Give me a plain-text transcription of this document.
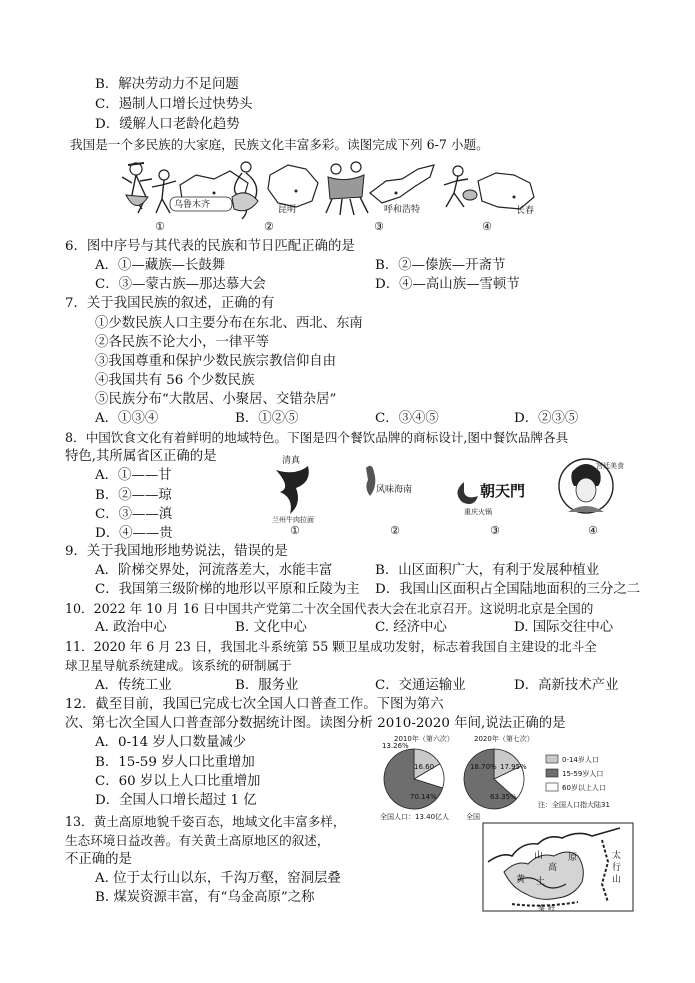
B．解决劳动力不足问题
C．遏制人口增长过快势头
D．缓解人口老龄化趋势
我国是一个多民族的大家庭，民族文化丰富多彩。读图完成下列 6-7 小题。
乌鲁木齐	昆明	呼和浩特	长春
①	②	③	④
6．图中序号与其代表的民族和节日匹配正确的是
A．①—藏族—长鼓舞	B．②—傣族—开斋节
C．③—蒙古族—那达慕大会	D．④—高山族—雪顿节
7．关于我国民族的叙述，正确的有
①少数民族人口主要分布在东北、西北、东南
②各民族不论大小，一律平等
③我国尊重和保护少数民族宗教信仰自由
④我国共有 56 个少数民族
⑤民族分布“大散居、小聚居、交错杂居”
A．①③④	B．①②⑤	C．③④⑤	D．②③⑤
8．中国饮食文化有着鲜明的地域特色。下图是四个餐饮品牌的商标设计,图中餐饮品牌各具
特色,其所属省区正确的是
A．①——甘
B．②——琼
C．③——滇
D．④——贵
清真
兰州牛肉拉面
风味海南	朝天門
重庆火锅
宫廷美食
①	②	③	④
9．关于我国地形地势说法，错误的是
A．阶梯交界处，河流落差大，水能丰富	B．山区面积广大，有利于发展种植业
C．我国第三级阶梯的地形以平原和丘陵为主 D．我国山区面积占全国陆地面积的三分之二
10．2022 年 10 月 16 日中国共产党第二十次全国代表大会在北京召开。这说明北京是全国的
A. 政治中心	B. 文化中心	C. 经济中心	D. 国际交往中心
11．2020 年 6 月 23 日，我国北斗系统第 55 颗卫星成功发射，标志着我国自主建设的北斗全
球卫星导航系统建成。该系统的研制属于
A．传统工业	B．服务业	C．交通运输业	D．高新技术产业
12．截至目前，我国已完成七次全国人口普查工作。下图为第六
次、第七次全国人口普查部分数据统计图。读图分析 2010-2020 年间,说法正确的是
A．0-14 岁人口数量减少
B．15-59 岁人口比重增加
C．60 岁以上人口比重增加
D．全国人口增长超过 1 亿
2010年（第六次）	2020年（第七次）
16.60
70.14%
13.26%
17.95%
63.35%
18.70%
0-14岁人口
15-59岁人口
60岁以上人口
注：全国人口指大陆31
全国人口：13.40亿人 全国
13．黄土高原地貌千姿百态，地域文化丰富多样，
生态环境日益改善。有关黄土高原地区的叙述，
不正确的是
A. 位于太行山以东，千沟万壑，窑洞层叠
B. 煤炭资源丰富，有“乌金高原”之称
山
高
原	太
行
山
土
黄
秦 岭
